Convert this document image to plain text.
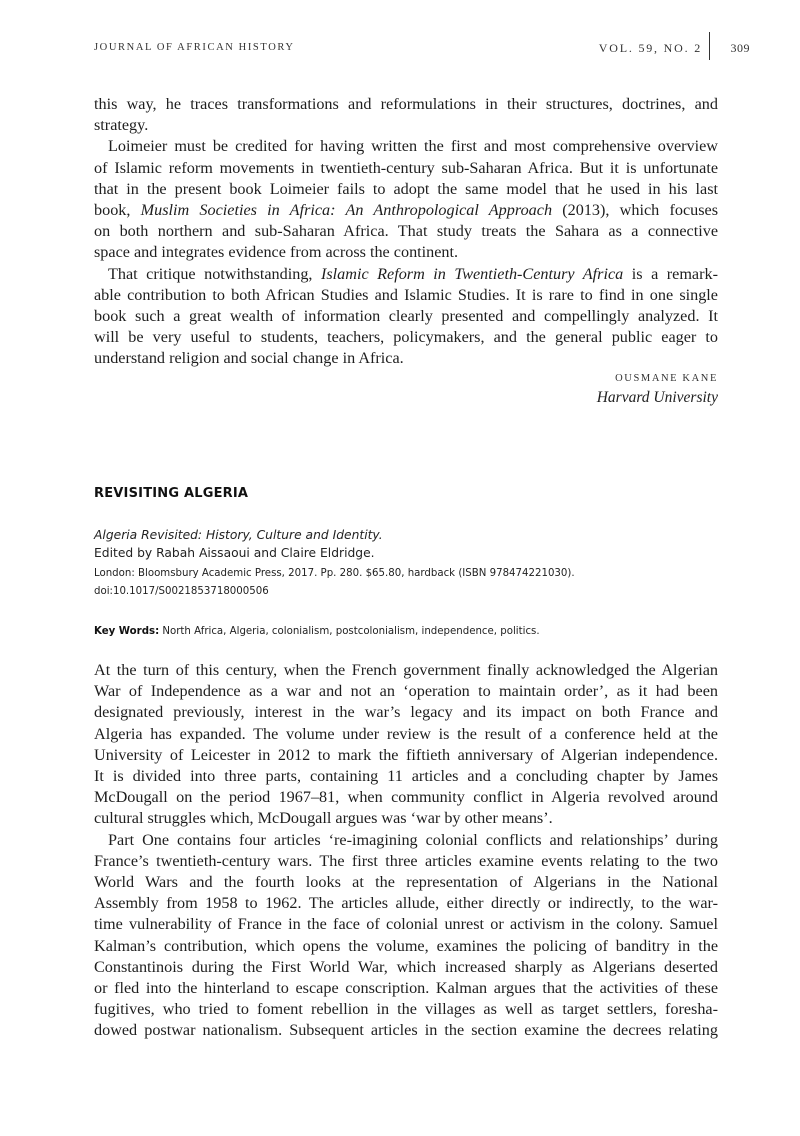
JOURNAL OF AFRICAN HISTORY	VOL. 59, NO. 2 309
this way, he traces transformations and reformulations in their structures, doctrines, and
strategy.
Loimeier must be credited for having written the first and most comprehensive overview
of Islamic reform movements in twentieth-century sub-Saharan Africa. But it is unfortunate
that in the present book Loimeier fails to adopt the same model that he used in his last
book, Muslim Societies in Africa: An Anthropological Approach (2013), which focuses
on both northern and sub-Saharan Africa. That study treats the Sahara as a connective
space and integrates evidence from across the continent.
That critique notwithstanding, Islamic Reform in Twentieth-Century Africa is a remark-
able contribution to both African Studies and Islamic Studies. It is rare to find in one single
book such a great wealth of information clearly presented and compellingly analyzed. It
will be very useful to students, teachers, policymakers, and the general public eager to
understand religion and social change in Africa.
OUSMANE KANE
Harvard University
REVISITING ALGERIA
Algeria Revisited: History, Culture and Identity.
Edited by Rabah Aissaoui and Claire Eldridge.
London: Bloomsbury Academic Press, 2017. Pp. 280. $65.80, hardback (ISBN 978474221030).
doi:10.1017/S0021853718000506
Key Words: North Africa, Algeria, colonialism, postcolonialism, independence, politics.
At the turn of this century, when the French government finally acknowledged the Algerian
War of Independence as a war and not an ‘operation to maintain order’, as it had been
designated previously, interest in the war’s legacy and its impact on both France and
Algeria has expanded. The volume under review is the result of a conference held at the
University of Leicester in 2012 to mark the fiftieth anniversary of Algerian independence.
It is divided into three parts, containing 11 articles and a concluding chapter by James
McDougall on the period 1967–81, when community conflict in Algeria revolved around
cultural struggles which, McDougall argues was ‘war by other means’.
Part One contains four articles ‘re-imagining colonial conflicts and relationships’ during
France’s twentieth-century wars. The first three articles examine events relating to the two
World Wars and the fourth looks at the representation of Algerians in the National
Assembly from 1958 to 1962. The articles allude, either directly or indirectly, to the war-
time vulnerability of France in the face of colonial unrest or activism in the colony. Samuel
Kalman’s contribution, which opens the volume, examines the policing of banditry in the
Constantinois during the First World War, which increased sharply as Algerians deserted
or fled into the hinterland to escape conscription. Kalman argues that the activities of these
fugitives, who tried to foment rebellion in the villages as well as target settlers, foresha-
dowed postwar nationalism. Subsequent articles in the section examine the decrees relating
